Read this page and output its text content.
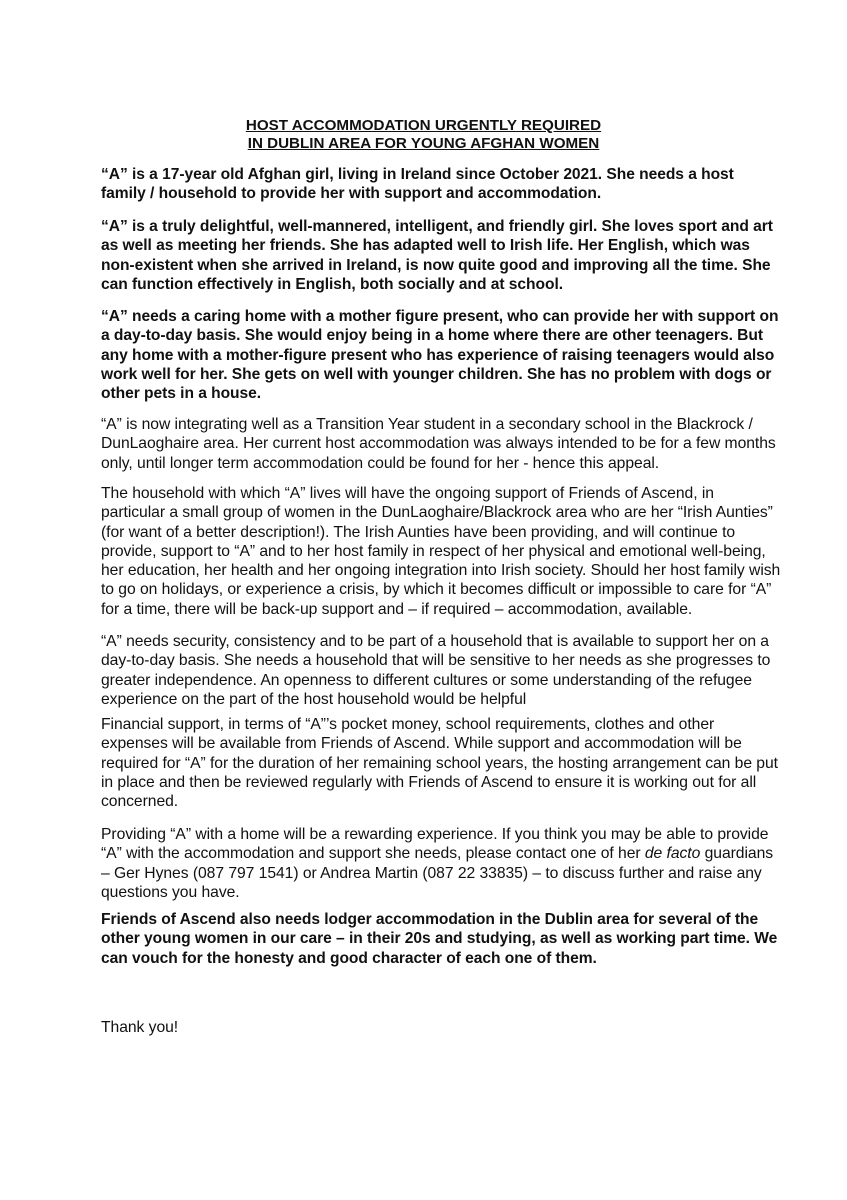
HOST ACCOMMODATION URGENTLY REQUIRED
IN DUBLIN AREA FOR YOUNG AFGHAN WOMEN

“A” is a 17-year old Afghan girl, living in Ireland since October 2021. She needs a host family / household to provide her with support and accommodation.

“A” is a truly delightful, well-mannered, intelligent, and friendly girl. She loves sport and art as well as meeting her friends. She has adapted well to Irish life. Her English, which was non-existent when she arrived in Ireland, is now quite good and improving all the time. She can function effectively in English, both socially and at school.

“A” needs a caring home with a mother figure present, who can provide her with support on a day-to-day basis. She would enjoy being in a home where there are other teenagers. But any home with a mother-figure present who has experience of raising teenagers would also work well for her. She gets on well with younger children. She has no problem with dogs or other pets in a house.

“A” is now integrating well as a Transition Year student in a secondary school in the Blackrock / DunLaoghaire area. Her current host accommodation was always intended to be for a few months only, until longer term accommodation could be found for her - hence this appeal.

The household with which “A” lives will have the ongoing support of Friends of Ascend, in particular a small group of women in the DunLaoghaire/Blackrock area who are her “Irish Aunties” (for want of a better description!). The Irish Aunties have been providing, and will continue to provide, support to “A” and to her host family in respect of her physical and emotional well-being, her education, her health and her ongoing integration into Irish society. Should her host family wish to go on holidays, or experience a crisis, by which it becomes difficult or impossible to care for “A” for a time, there will be back-up support and – if required – accommodation, available.

“A” needs security, consistency and to be part of a household that is available to support her on a day-to-day basis. She needs a household that will be sensitive to her needs as she progresses to greater independence. An openness to different cultures or some understanding of the refugee experience on the part of the host household would be helpful

Financial support, in terms of “A”’s pocket money, school requirements, clothes and other expenses will be available from Friends of Ascend. While support and accommodation will be required for “A” for the duration of her remaining school years, the hosting arrangement can be put in place and then be reviewed regularly with Friends of Ascend to ensure it is working out for all concerned.

Providing “A” with a home will be a rewarding experience. If you think you may be able to provide “A” with the accommodation and support she needs, please contact one of her de facto guardians – Ger Hynes (087 797 1541) or Andrea Martin (087 22 33835) – to discuss further and raise any questions you have.

Friends of Ascend also needs lodger accommodation in the Dublin area for several of the other young women in our care – in their 20s and studying, as well as working part time. We can vouch for the honesty and good character of each one of them.

Thank you!
